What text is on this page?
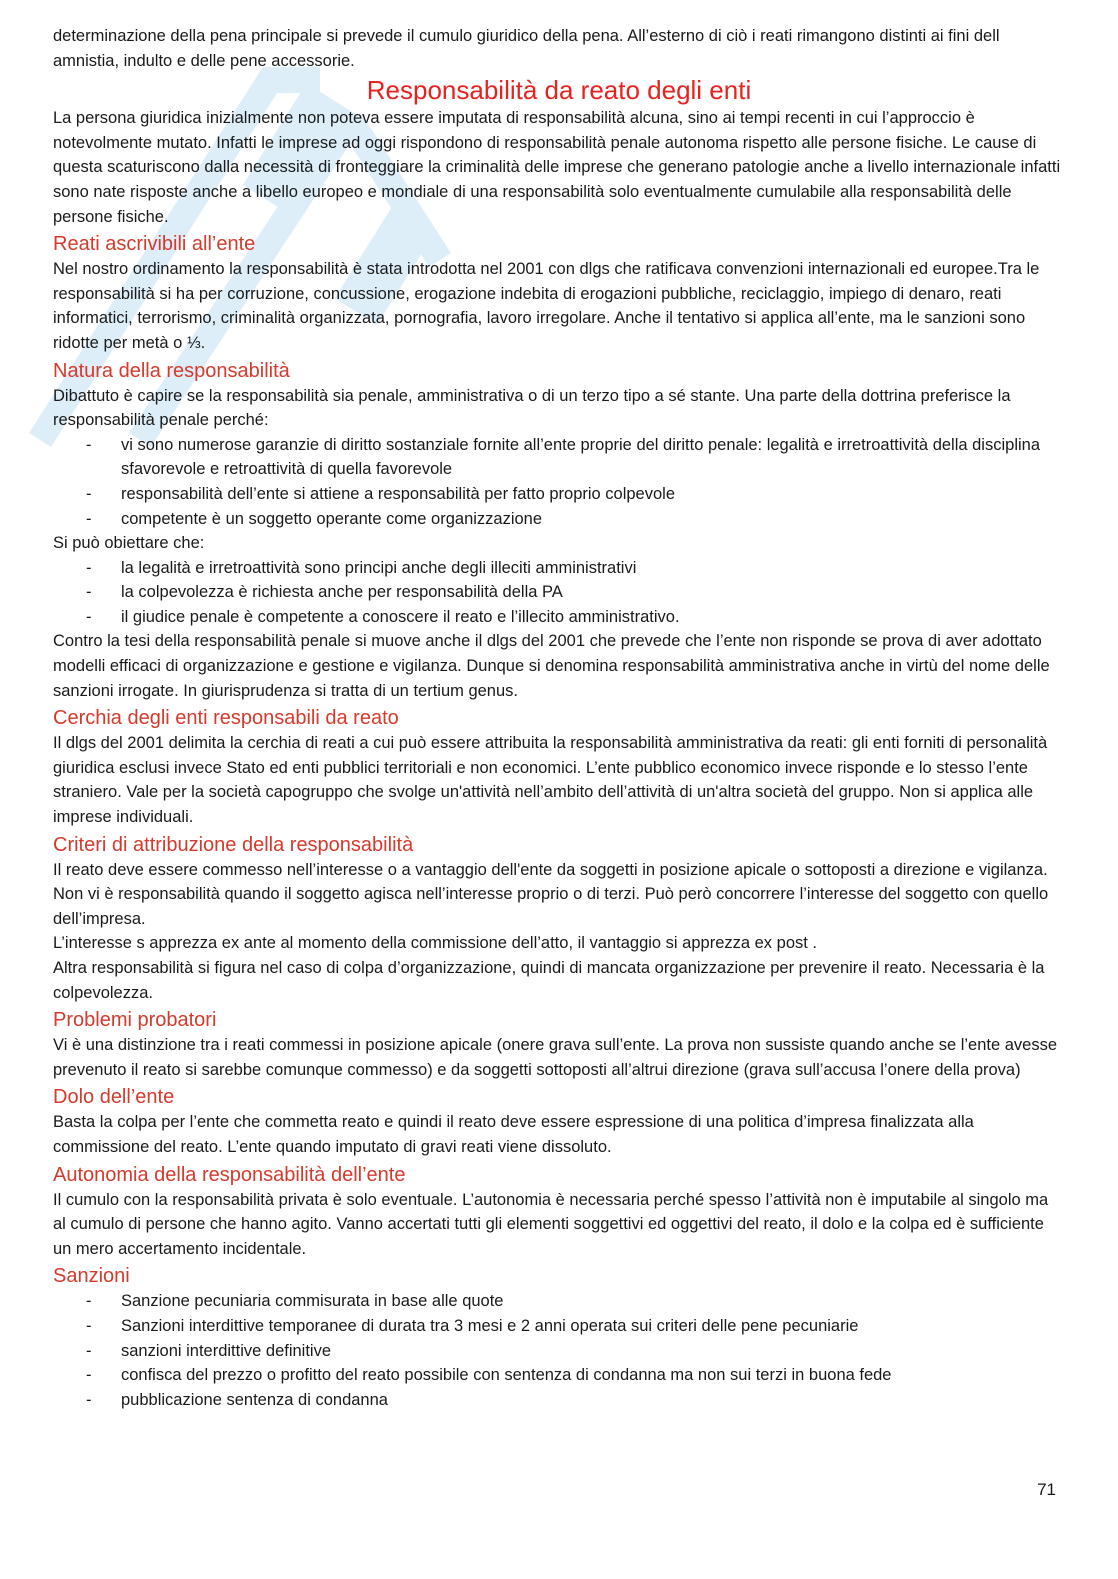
determinazione della pena principale si prevede il cumulo giuridico della pena. All’esterno di ciò i reati rimangono distinti ai fini dell amnistia, indulto e delle pene accessorie.

Responsabilità da reato degli enti

La persona giuridica inizialmente non poteva essere imputata di responsabilità alcuna, sino ai tempi recenti in cui l’approccio è notevolmente mutato. Infatti le imprese ad oggi rispondono di responsabilità penale autonoma rispetto alle persone fisiche. Le cause di questa scaturiscono dalla necessità di fronteggiare la criminalità delle imprese che generano patologie anche a livello internazionale infatti sono nate risposte anche a libello europeo e mondiale di una responsabilità solo eventualmente cumulabile alla responsabilità delle persone fisiche.

Reati ascrivibili all’ente

Nel nostro ordinamento la responsabilità è stata introdotta nel 2001 con dlgs che ratificava convenzioni internazionali ed europee.Tra le responsabilità si ha per corruzione, concussione, erogazione indebita di erogazioni pubbliche, reciclaggio, impiego di denaro, reati informatici, terrorismo, criminalità organizzata, pornografia, lavoro irregolare. Anche il tentativo si applica all’ente, ma le sanzioni sono ridotte per metà o ⅓.

Natura della responsabilità

Dibattuto è capire se la responsabilità sia penale, amministrativa o di un terzo tipo a sé stante. Una parte della dottrina preferisce la responsabilità penale perché:

- vi sono numerose garanzie di diritto sostanziale fornite all’ente proprie del diritto penale: legalità e irretroattività della disciplina sfavorevole e retroattività di quella favorevole
- responsabilità dell’ente si attiene a responsabilità per fatto proprio colpevole
- competente è un soggetto operante come organizzazione

Si può obiettare che:

- la legalità e irretroattività sono principi anche degli illeciti amministrativi
- la colpevolezza è richiesta anche per responsabilità della PA
- il giudice penale è competente a conoscere il reato e l’illecito amministrativo.

Contro la tesi della responsabilità penale si muove anche il dlgs del 2001 che prevede che l’ente non risponde se prova di aver adottato modelli efficaci di organizzazione e gestione e vigilanza. Dunque si denomina responsabilità amministrativa anche in virtù del nome delle sanzioni irrogate. In giurisprudenza si tratta di un tertium genus.

Cerchia degli enti responsabili da reato

Il dlgs del 2001 delimita la cerchia di reati a cui può essere attribuita la responsabilità amministrativa da reati: gli enti forniti di personalità giuridica esclusi invece Stato ed enti pubblici territoriali e non economici. L’ente pubblico economico invece risponde e lo stesso l’ente straniero. Vale per la società capogruppo che svolge un'attività nell’ambito dell’attività di un'altra società del gruppo. Non si applica alle imprese individuali.

Criteri di attribuzione della responsabilità

Il reato deve essere commesso nell’interesse o a vantaggio dell'ente da soggetti in posizione apicale o sottoposti a direzione e vigilanza. Non vi è responsabilità quando il soggetto agisca nell’interesse proprio o di terzi. Può però concorrere l’interesse del soggetto con quello dell’impresa.

L’interesse s apprezza ex ante al momento della commissione dell’atto, il vantaggio si apprezza ex post .

Altra responsabilità si figura nel caso di colpa d’organizzazione, quindi di mancata organizzazione per prevenire il reato. Necessaria è la colpevolezza.

Problemi probatori

Vi è una distinzione tra i reati commessi in posizione apicale (onere grava sull’ente. La prova non sussiste quando anche se l’ente avesse prevenuto il reato si sarebbe comunque commesso) e da soggetti sottoposti all’altrui direzione (grava sull’accusa l’onere della prova)

Dolo dell’ente

Basta la colpa per l’ente che commetta reato e quindi il reato deve essere espressione di una politica d’impresa finalizzata alla commissione del reato. L’ente quando imputato di gravi reati viene dissoluto.

Autonomia della responsabilità dell’ente

Il cumulo con la responsabilità privata è solo eventuale. L’autonomia è necessaria perché spesso l’attività non è imputabile al singolo ma al cumulo di persone che hanno agito. Vanno accertati tutti gli elementi soggettivi ed oggettivi del reato, il dolo e la colpa ed è sufficiente un mero accertamento incidentale.

Sanzioni
- Sanzione pecuniaria commisurata in base alle quote
- Sanzioni interdittive temporanee di durata tra 3 mesi e 2 anni operata sui criteri delle pene pecuniarie
- sanzioni interdittive definitive
- confisca del prezzo o profitto del reato possibile con sentenza di condanna ma non sui terzi in buona fede
- pubblicazione sentenza di condanna
71
